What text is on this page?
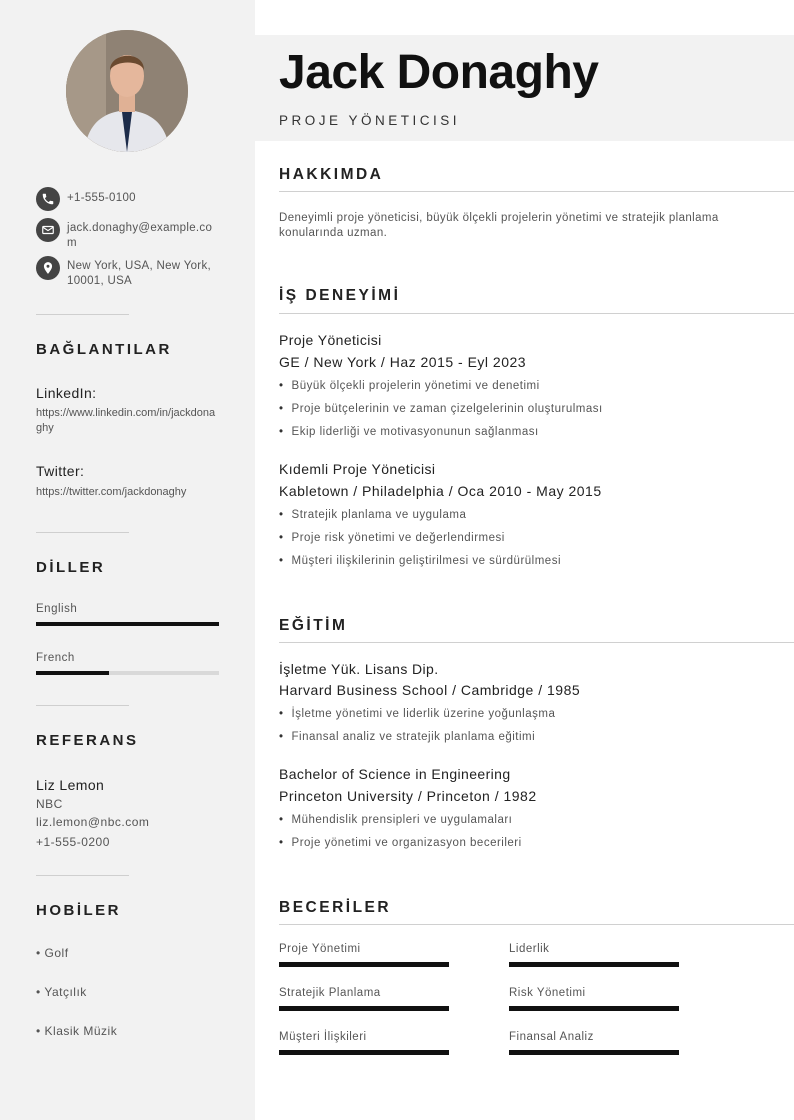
+1-555-0100
jack.donaghy@example.com
New York, USA, New York, 10001, USA
BAĞLANTILAR
LinkedIn:
https://www.linkedin.com/in/jackdonaghy
Twitter:
https://twitter.com/jackdonaghy
DİLLER
English
French
REFERANS
Liz Lemon
NBC
liz.lemon@nbc.com
+1-555-0200
HOBİLER
• Golf
• Yatçılık
• Klasik Müzik
Jack Donaghy
PROJE YÖNETICISI
HAKKIMDA
Deneyimli proje yöneticisi, büyük ölçekli projelerin yönetimi ve stratejik planlama konularında uzman.
İŞ DENEYİMİ
Proje Yöneticisi
GE / New York / Haz 2015 - Eyl 2023
• Büyük ölçekli projelerin yönetimi ve denetimi
• Proje bütçelerinin ve zaman çizelgelerinin oluşturulması
• Ekip liderliği ve motivasyonunun sağlanması
Kıdemli Proje Yöneticisi
Kabletown / Philadelphia / Oca 2010 - May 2015
• Stratejik planlama ve uygulama
• Proje risk yönetimi ve değerlendirmesi
• Müşteri ilişkilerinin geliştirilmesi ve sürdürülmesi
EĞİTİM
İşletme Yük. Lisans Dip.
Harvard Business School / Cambridge / 1985
• İşletme yönetimi ve liderlik üzerine yoğunlaşma
• Finansal analiz ve stratejik planlama eğitimi
Bachelor of Science in Engineering
Princeton University / Princeton / 1982
• Mühendislik prensipleri ve uygulamaları
• Proje yönetimi ve organizasyon becerileri
BECERİLER
Proje Yönetimi	Liderlik
Stratejik Planlama	Risk Yönetimi
Müşteri İlişkileri	Finansal Analiz
